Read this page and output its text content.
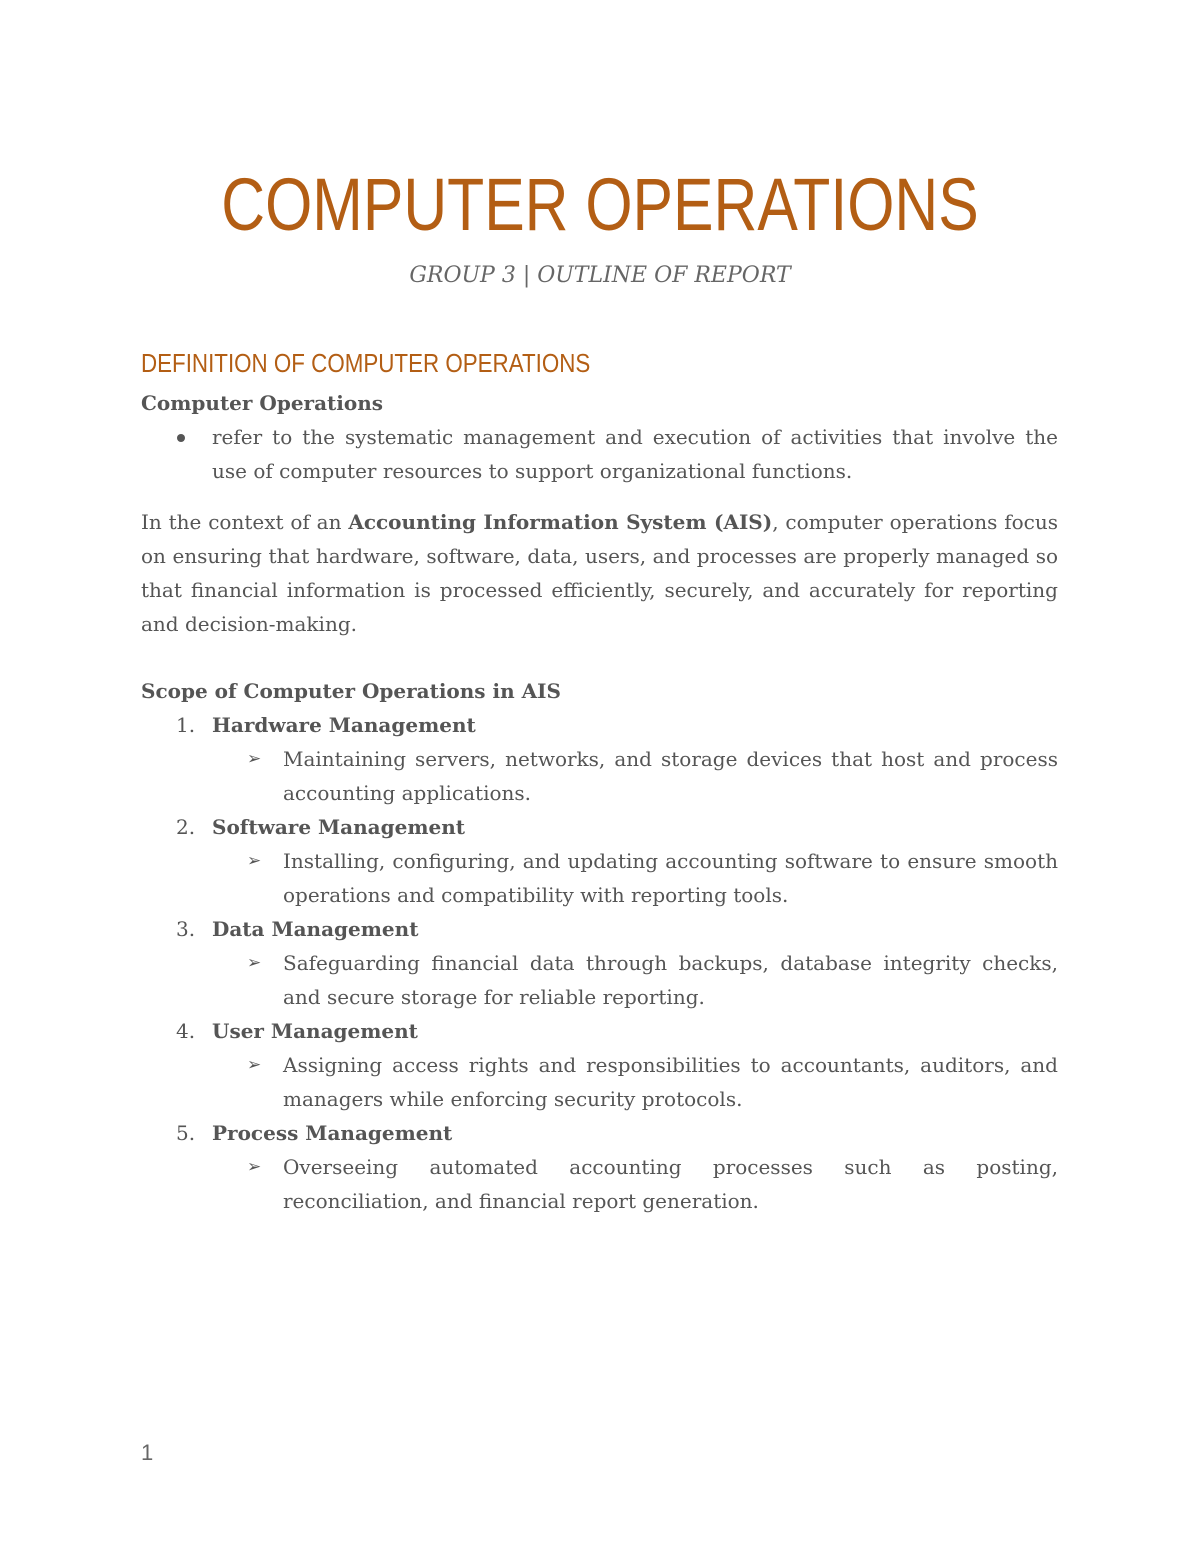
COMPUTER OPERATIONS
GROUP 3 | OUTLINE OF REPORT
DEFINITION OF COMPUTER OPERATIONS

Computer Operations

refer to the systematic management and execution of activities that involve the use of computer resources to support organizational functions.

In the context of an Accounting Information System (AIS), computer operations focus on ensuring that hardware, software, data, users, and processes are properly managed so that financial information is processed efficiently, securely, and accurately for reporting and decision-making.

Scope of Computer Operations in AIS

1. Hardware Management
➢ Maintaining servers, networks, and storage devices that host and process accounting applications.
2. Software Management
➢ Installing, configuring, and updating accounting software to ensure smooth operations and compatibility with reporting tools.
3. Data Management
➢ Safeguarding financial data through backups, database integrity checks, and secure storage for reliable reporting.
4. User Management
➢ Assigning access rights and responsibilities to accountants, auditors, and managers while enforcing security protocols.
5. Process Management
➢ Overseeing automated accounting processes such as posting, reconciliation, and financial report generation.
1
